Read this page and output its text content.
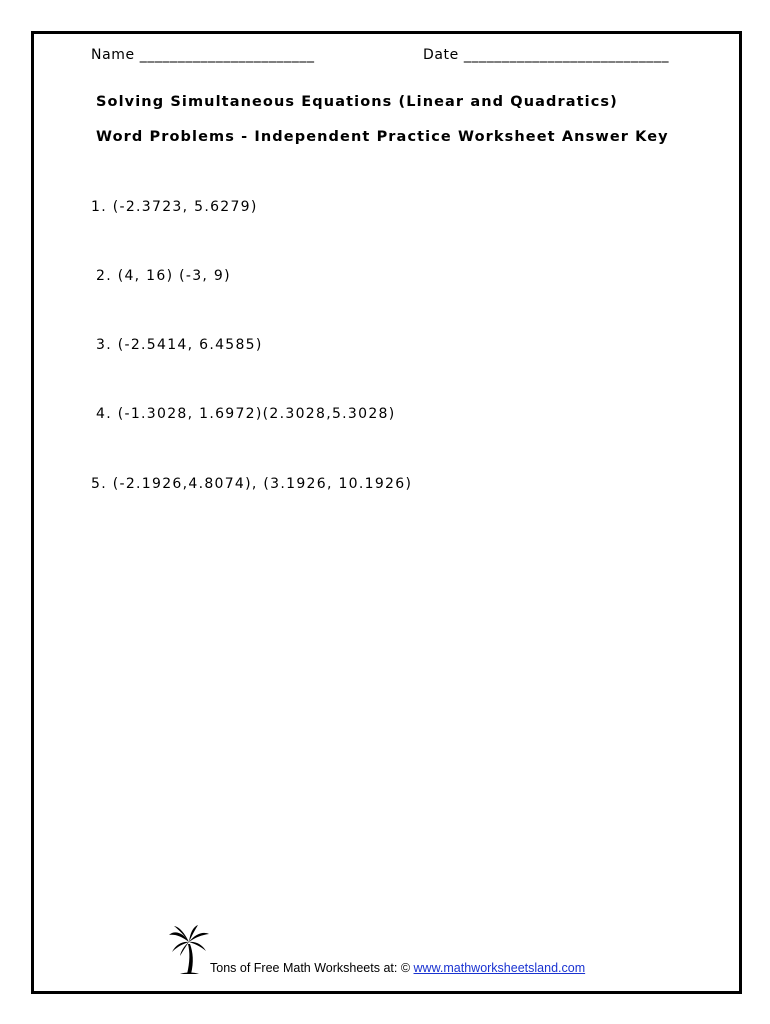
Name _______________________	Date ___________________________
Solving Simultaneous Equations (Linear and Quadratics)
Word Problems - Independent Practice Worksheet Answer Key
1. (-2.3723, 5.6279)
2. (4, 16) (-3, 9)
3. (-2.5414, 6.4585)
4. (-1.3028, 1.6972)(2.3028,5.3028)
5. (-2.1926,4.8074), (3.1926, 10.1926)
Tons of Free Math Worksheets at: © www.mathworksheetsland.com
